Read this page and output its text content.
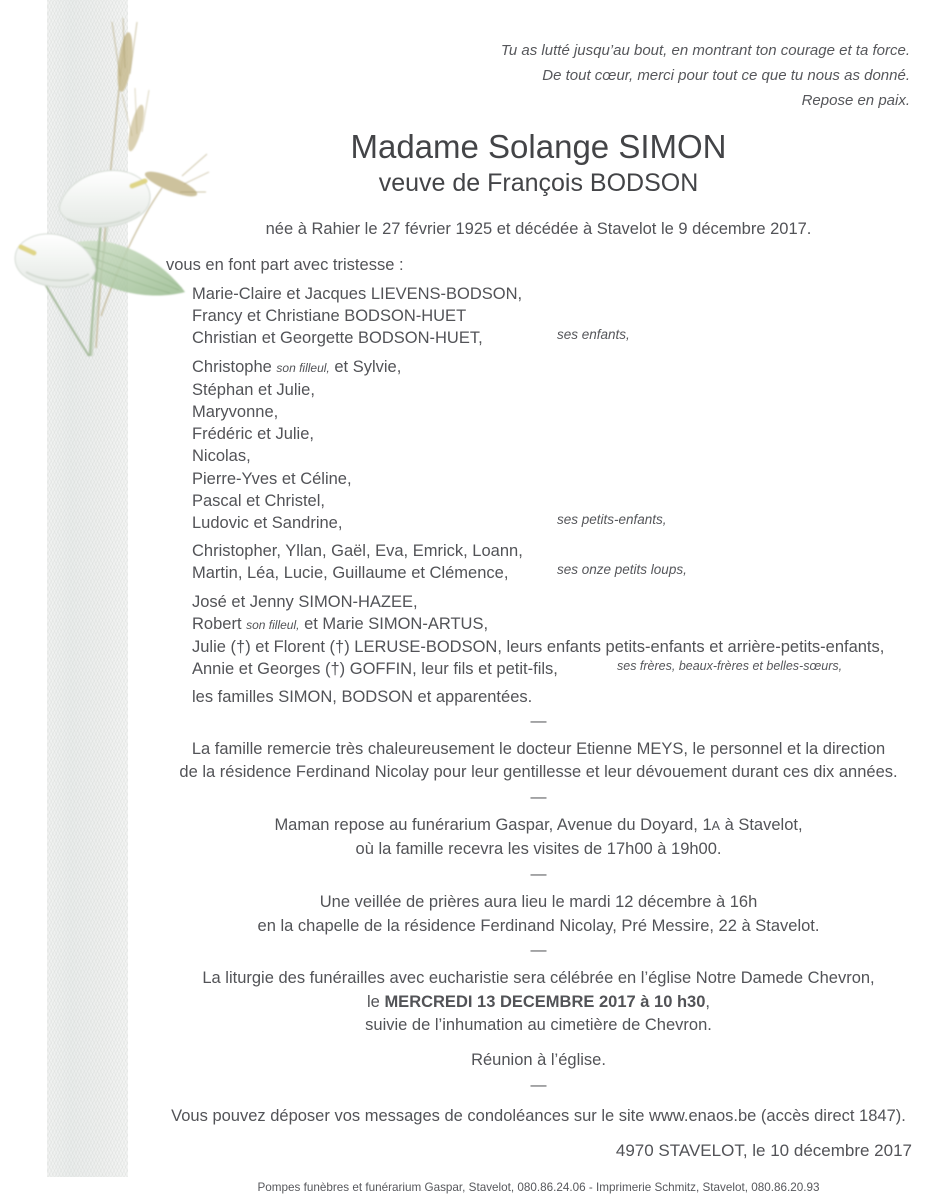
Tu as lutté jusqu’au bout, en montrant ton courage et ta force.
De tout cœur, merci pour tout ce que tu nous as donné.
Repose en paix.
Madame Solange SIMON
veuve de François BODSON
née à Rahier le 27 février 1925 et décédée à Stavelot le 9 décembre 2017.
vous en font part avec tristesse :
Marie-Claire et Jacques LIEVENS-BODSON,
Francy et Christiane BODSON-HUET
Christian et Georgette BODSON-HUET,	ses enfants,
Christophe son filleul, et Sylvie,
Stéphan et Julie,
Maryvonne,
Frédéric et Julie,
Nicolas,
Pierre-Yves et Céline,
Pascal et Christel,
Ludovic et Sandrine,	ses petits-enfants,
Christopher, Yllan, Gaël, Eva, Emrick, Loann,
Martin, Léa, Lucie, Guillaume et Clémence,	ses onze petits loups,
José et Jenny SIMON-HAZEE,
Robert son filleul, et Marie SIMON-ARTUS,
Julie (†) et Florent (†) LERUSE-BODSON, leurs enfants petits-enfants et arrière-petits-enfants,
Annie et Georges (†) GOFFIN, leur fils et petit-fils,	ses frères, beaux-frères et belles-sœurs,
les familles SIMON, BODSON et apparentées.
—
La famille remercie très chaleureusement le docteur Etienne MEYS, le personnel et la direction
de la résidence Ferdinand Nicolay pour leur gentillesse et leur dévouement durant ces dix années.
—
Maman repose au funérarium Gaspar, Avenue du Doyard, 1A à Stavelot,
où la famille recevra les visites de 17h00 à 19h00.
—
Une veillée de prières aura lieu le mardi 12 décembre à 16h
en la chapelle de la résidence Ferdinand Nicolay, Pré Messire, 22 à Stavelot.
—
La liturgie des funérailles avec eucharistie sera célébrée en l’église Notre Damede Chevron,
le MERCREDI 13 DECEMBRE 2017 à 10 h30,
suivie de l’inhumation au cimetière de Chevron.
Réunion à l’église.
—
Vous pouvez déposer vos messages de condoléances sur le site www.enaos.be (accès direct 1847).
4970 STAVELOT, le 10 décembre 2017
Pompes funèbres et funérarium Gaspar, Stavelot, 080.86.24.06 - Imprimerie Schmitz, Stavelot, 080.86.20.93
